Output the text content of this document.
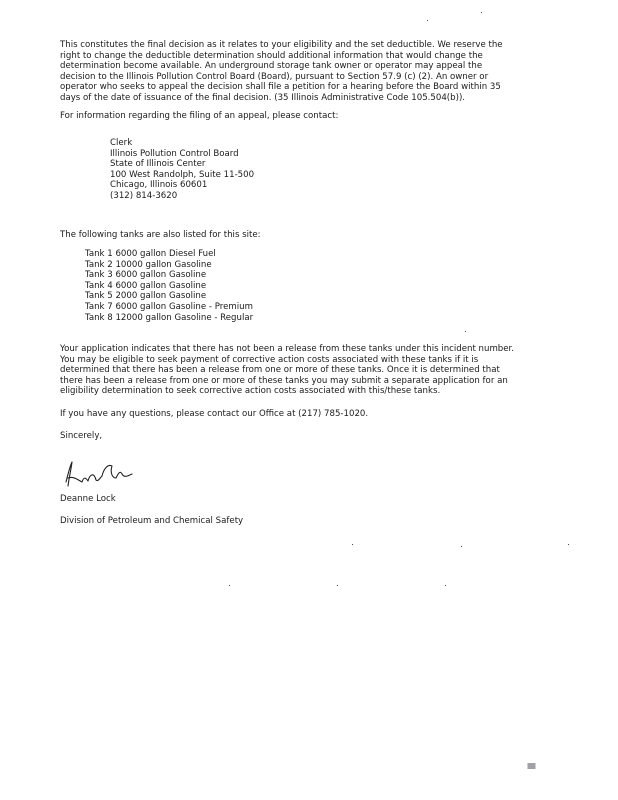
This constitutes the final decision as it relates to your eligibility and the set deductible. We reserve the
right to change the deductible determination should additional information that would change the
determination become available. An underground storage tank owner or operator may appeal the
decision to the Illinois Pollution Control Board (Board), pursuant to Section 57.9 (c) (2). An owner or
operator who seeks to appeal the decision shall file a petition for a hearing before the Board within 35
days of the date of issuance of the final decision. (35 Illinois Administrative Code 105.504(b)).

For information regarding the filing of an appeal, please contact:
Clerk
Illinois Pollution Control Board
State of Illinois Center
100 West Randolph, Suite 11-500
Chicago, Illinois 60601
(312) 814-3620
The following tanks are also listed for this site:
Tank 1 6000 gallon Diesel Fuel
Tank 2 10000 gallon Gasoline
Tank 3 6000 gallon Gasoline
Tank 4 6000 gallon Gasoline
Tank 5 2000 gallon Gasoline
Tank 7 6000 gallon Gasoline - Premium
Tank 8 12000 gallon Gasoline - Regular

Your application indicates that there has not been a release from these tanks under this incident number.
You may be eligible to seek payment of corrective action costs associated with these tanks if it is
determined that there has been a release from one or more of these tanks. Once it is determined that
there has been a release from one or more of these tanks you may submit a separate application for an
eligibility determination to seek corrective action costs associated with this/these tanks.

If you have any questions, please contact our Office at (217) 785-1020.
Sincerely,
Deanne Lock
Division of Petroleum and Chemical Safety
